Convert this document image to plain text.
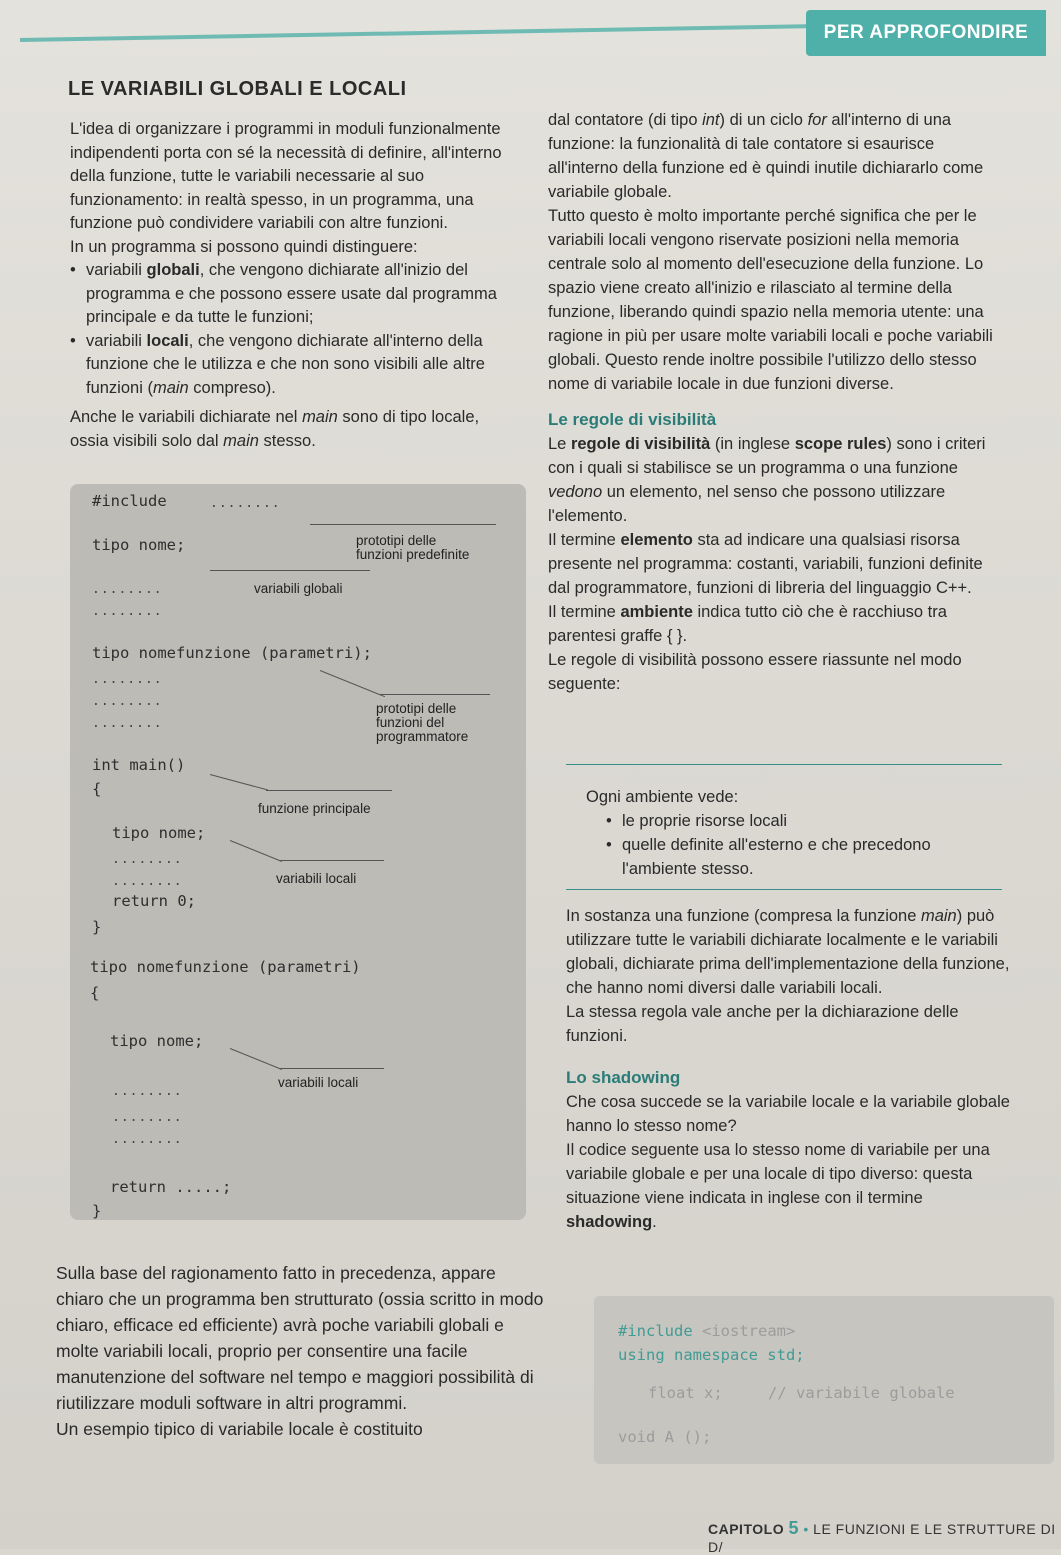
PER APPROFONDIRE
LE VARIABILI GLOBALI E LOCALI

L'idea di organizzare i programmi in moduli funzionalmente indipendenti porta con sé la necessità di definire, all'interno della funzione, tutte le variabili necessarie al suo funzionamento: in realtà spesso, in un programma, una funzione può condividere variabili con altre funzioni.

In un programma si possono quindi distinguere:

• variabili globali, che vengono dichiarate all'inizio del programma e che possono essere usate dal programma principale e da tutte le funzioni;
• variabili locali, che vengono dichiarate all'interno della funzione che le utilizza e che non sono visibili alle altre funzioni (main compreso).

Anche le variabili dichiarate nel main sono di tipo locale, ossia visibili solo dal main stesso.

#include	........
tipo nome;	prototipi delle
funzioni predefinite
........	variabili globali
........
tipo nomefunzione (parametri);
........
........
........
prototipi delle
funzioni del
programmatore
int main()
{
funzione principale
tipo nome;
........
........	variabili locali
return 0;
}
tipo nomefunzione (parametri)
{
tipo nome;
........
variabili locali
........
........
return .....;
}

dal contatore (di tipo int) di un ciclo for all'interno di una funzione: la funzionalità di tale contatore si esaurisce all'interno della funzione ed è quindi inutile dichiararlo come variabile globale.

Tutto questo è molto importante perché significa che per le variabili locali vengono riservate posizioni nella memoria centrale solo al momento dell'esecuzione della funzione. Lo spazio viene creato all'inizio e rilasciato al termine della funzione, liberando quindi spazio nella memoria utente: una ragione in più per usare molte variabili locali e poche variabili globali. Questo rende inoltre possibile l'utilizzo dello stesso nome di variabile locale in due funzioni diverse.

Le regole di visibilità

Le regole di visibilità (in inglese scope rules) sono i criteri con i quali si stabilisce se un programma o una funzione vedono un elemento, nel senso che possono utilizzare l'elemento.

Il termine elemento sta ad indicare una qualsiasi risorsa presente nel programma: costanti, variabili, funzioni definite dal programmatore, funzioni di libreria del linguaggio C++.

Il termine ambiente indica tutto ciò che è racchiuso tra parentesi graffe { }.

Le regole di visibilità possono essere riassunte nel modo seguente:

Ogni ambiente vede:

• le proprie risorse locali
• quelle definite all'esterno e che precedono l'ambiente stesso.

In sostanza una funzione (compresa la funzione main) può utilizzare tutte le variabili dichiarate localmente e le variabili globali, dichiarate prima dell'implementazione della funzione, che hanno nomi diversi dalle variabili locali.

La stessa regola vale anche per la dichiarazione delle funzioni.

Lo shadowing

Che cosa succede se la variabile locale e la variabile globale hanno lo stesso nome?

Il codice seguente usa lo stesso nome di variabile per una variabile globale e per una locale di tipo diverso: questa situazione viene indicata in inglese con il termine shadowing.

Sulla base del ragionamento fatto in precedenza, appare chiaro che un programma ben strutturato (ossia scritto in modo chiaro, efficace ed efficiente) avrà poche variabili globali e molte variabili locali, proprio per consentire una facile manutenzione del software nel tempo e maggiori possibilità di riutilizzare moduli software in altri programmi.

Un esempio tipico di variabile locale è costituito

#include <iostream>
using namespace std;
float x;	// variabile globale
void A ();
CAPITOLO 5 • LE FUNZIONI E LE STRUTTURE DI D/
